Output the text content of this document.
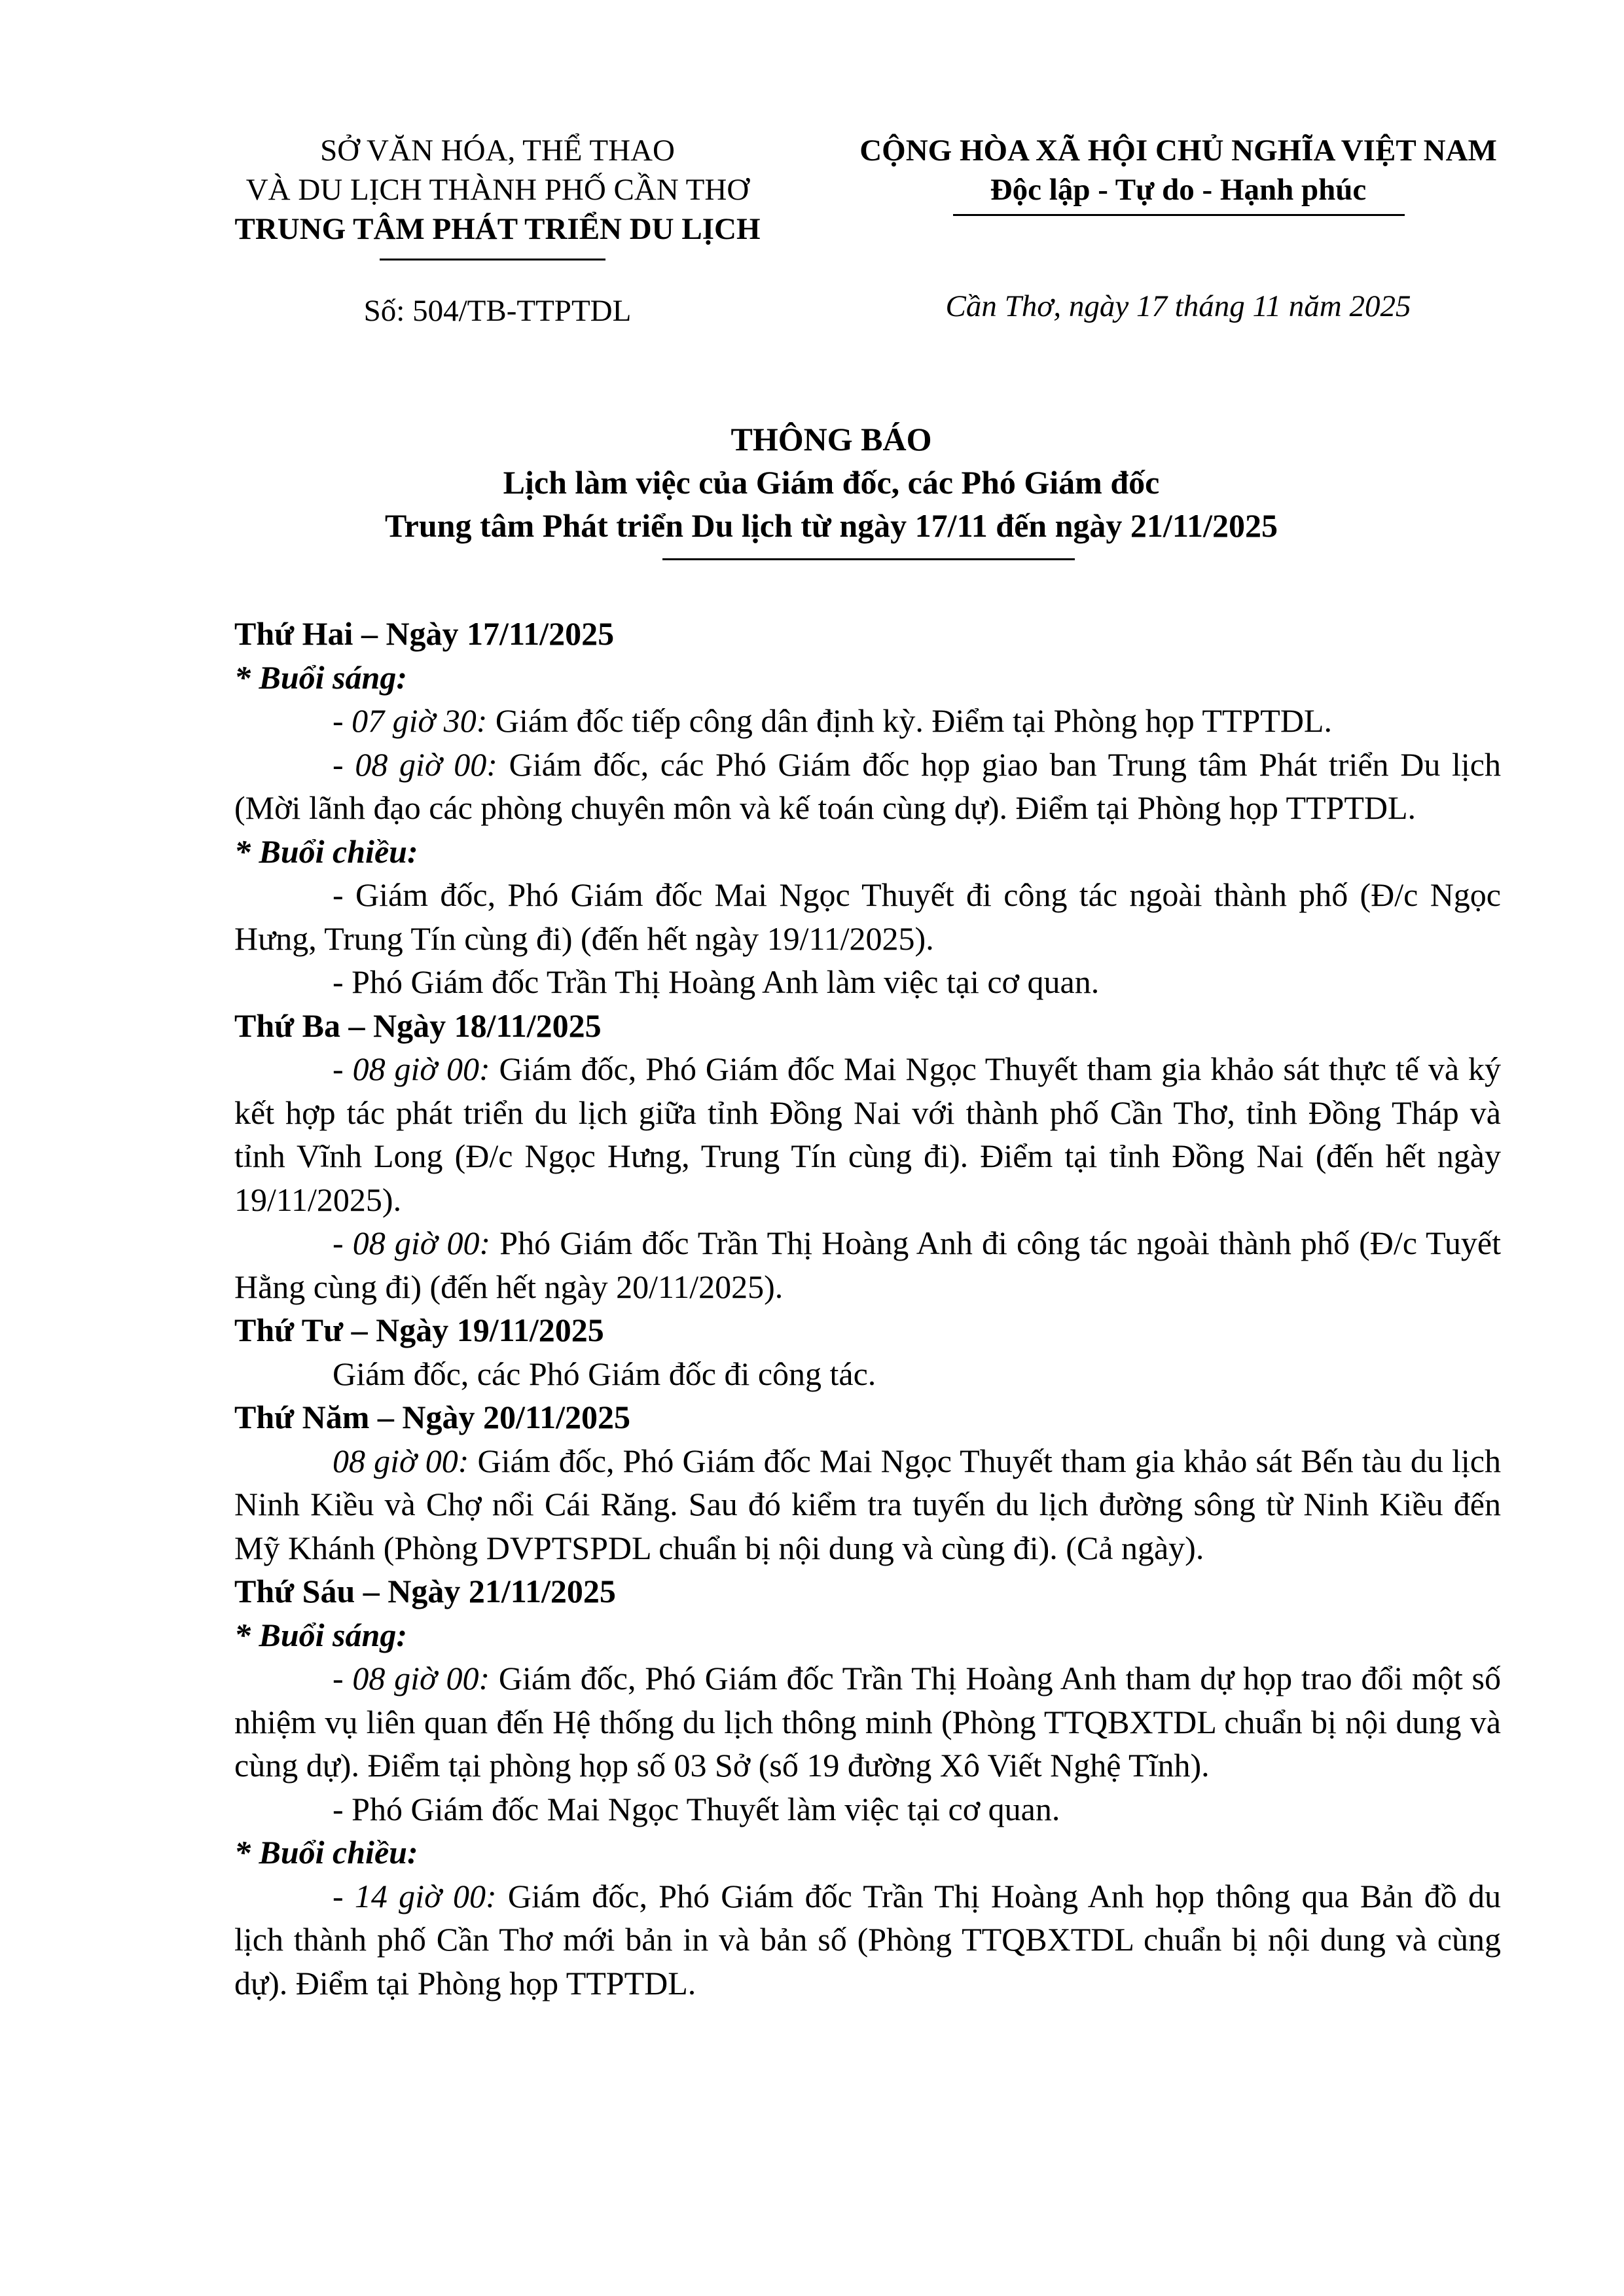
SỞ VĂN HÓA, THỂ THAO
VÀ DU LỊCH THÀNH PHỐ CẦN THƠ
TRUNG TÂM PHÁT TRIỂN DU LỊCH
CỘNG HÒA XÃ HỘI CHỦ NGHĨA VIỆT NAM
Độc lập - Tự do - Hạnh phúc
Số: 504/TB-TTPTDL	Cần Thơ, ngày 17 tháng 11 năm 2025
THÔNG BÁO
Lịch làm việc của Giám đốc, các Phó Giám đốc
Trung tâm Phát triển Du lịch từ ngày 17/11 đến ngày 21/11/2025

Thứ Hai – Ngày 17/11/2025

* Buổi sáng:

- 07 giờ 30: Giám đốc tiếp công dân định kỳ. Điểm tại Phòng họp TTPTDL.

- 08 giờ 00: Giám đốc, các Phó Giám đốc họp giao ban Trung tâm Phát triển Du lịch (Mời lãnh đạo các phòng chuyên môn và kế toán cùng dự). Điểm tại Phòng họp TTPTDL.

* Buổi chiều:

- Giám đốc, Phó Giám đốc Mai Ngọc Thuyết đi công tác ngoài thành phố (Đ/c Ngọc Hưng, Trung Tín cùng đi) (đến hết ngày 19/11/2025).

- Phó Giám đốc Trần Thị Hoàng Anh làm việc tại cơ quan.

Thứ Ba – Ngày 18/11/2025

- 08 giờ 00: Giám đốc, Phó Giám đốc Mai Ngọc Thuyết tham gia khảo sát thực tế và ký kết hợp tác phát triển du lịch giữa tỉnh Đồng Nai với thành phố Cần Thơ, tỉnh Đồng Tháp và tỉnh Vĩnh Long (Đ/c Ngọc Hưng, Trung Tín cùng đi). Điểm tại tỉnh Đồng Nai (đến hết ngày 19/11/2025).

- 08 giờ 00: Phó Giám đốc Trần Thị Hoàng Anh đi công tác ngoài thành phố (Đ/c Tuyết Hằng cùng đi) (đến hết ngày 20/11/2025).

Thứ Tư – Ngày 19/11/2025

Giám đốc, các Phó Giám đốc đi công tác.

Thứ Năm – Ngày 20/11/2025

08 giờ 00: Giám đốc, Phó Giám đốc Mai Ngọc Thuyết tham gia khảo sát Bến tàu du lịch Ninh Kiều và Chợ nổi Cái Răng. Sau đó kiểm tra tuyến du lịch đường sông từ Ninh Kiều đến Mỹ Khánh (Phòng DVPTSPDL chuẩn bị nội dung và cùng đi). (Cả ngày).

Thứ Sáu – Ngày 21/11/2025

* Buổi sáng:

- 08 giờ 00: Giám đốc, Phó Giám đốc Trần Thị Hoàng Anh tham dự họp trao đổi một số nhiệm vụ liên quan đến Hệ thống du lịch thông minh (Phòng TTQBXTDL chuẩn bị nội dung và cùng dự). Điểm tại phòng họp số 03 Sở (số 19 đường Xô Viết Nghệ Tĩnh).

- Phó Giám đốc Mai Ngọc Thuyết làm việc tại cơ quan.

* Buổi chiều:

- 14 giờ 00: Giám đốc, Phó Giám đốc Trần Thị Hoàng Anh họp thông qua Bản đồ du lịch thành phố Cần Thơ mới bản in và bản số (Phòng TTQBXTDL chuẩn bị nội dung và cùng dự). Điểm tại Phòng họp TTPTDL.
